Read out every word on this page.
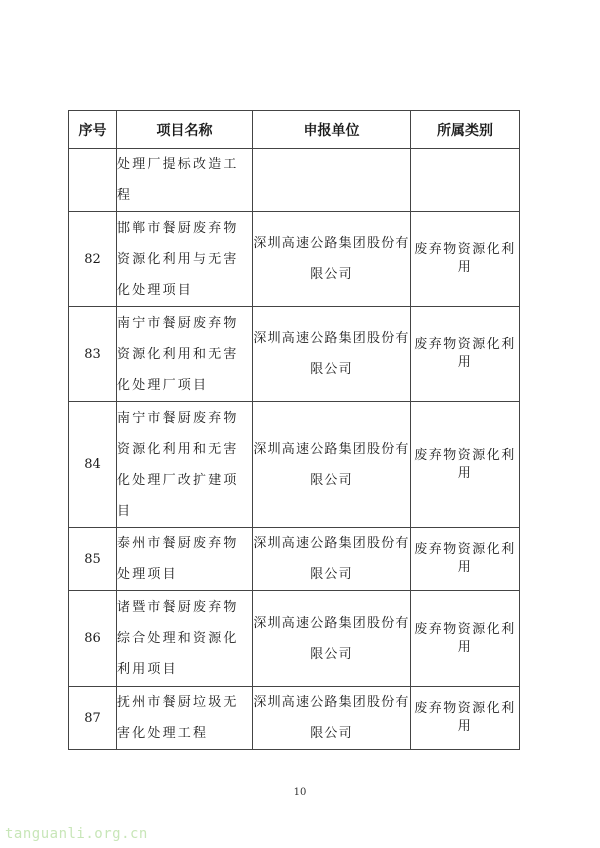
序号	项目名称	申报单位	所属类别
	处理厂提标改造工程		
82	邯郸市餐厨废弃物资源化利用与无害化处理项目	深圳高速公路集团股份有限公司	废弃物资源化利用
83	南宁市餐厨废弃物资源化利用和无害化处理厂项目	深圳高速公路集团股份有限公司	废弃物资源化利用
84	南宁市餐厨废弃物资源化利用和无害化处理厂改扩建项目	深圳高速公路集团股份有限公司	废弃物资源化利用
85	泰州市餐厨废弃物处理项目	深圳高速公路集团股份有限公司	废弃物资源化利用
86	诸暨市餐厨废弃物综合处理和资源化利用项目	深圳高速公路集团股份有限公司	废弃物资源化利用
87	抚州市餐厨垃圾无害化处理工程	深圳高速公路集团股份有限公司	废弃物资源化利用
10
tanguanli.org.cn
